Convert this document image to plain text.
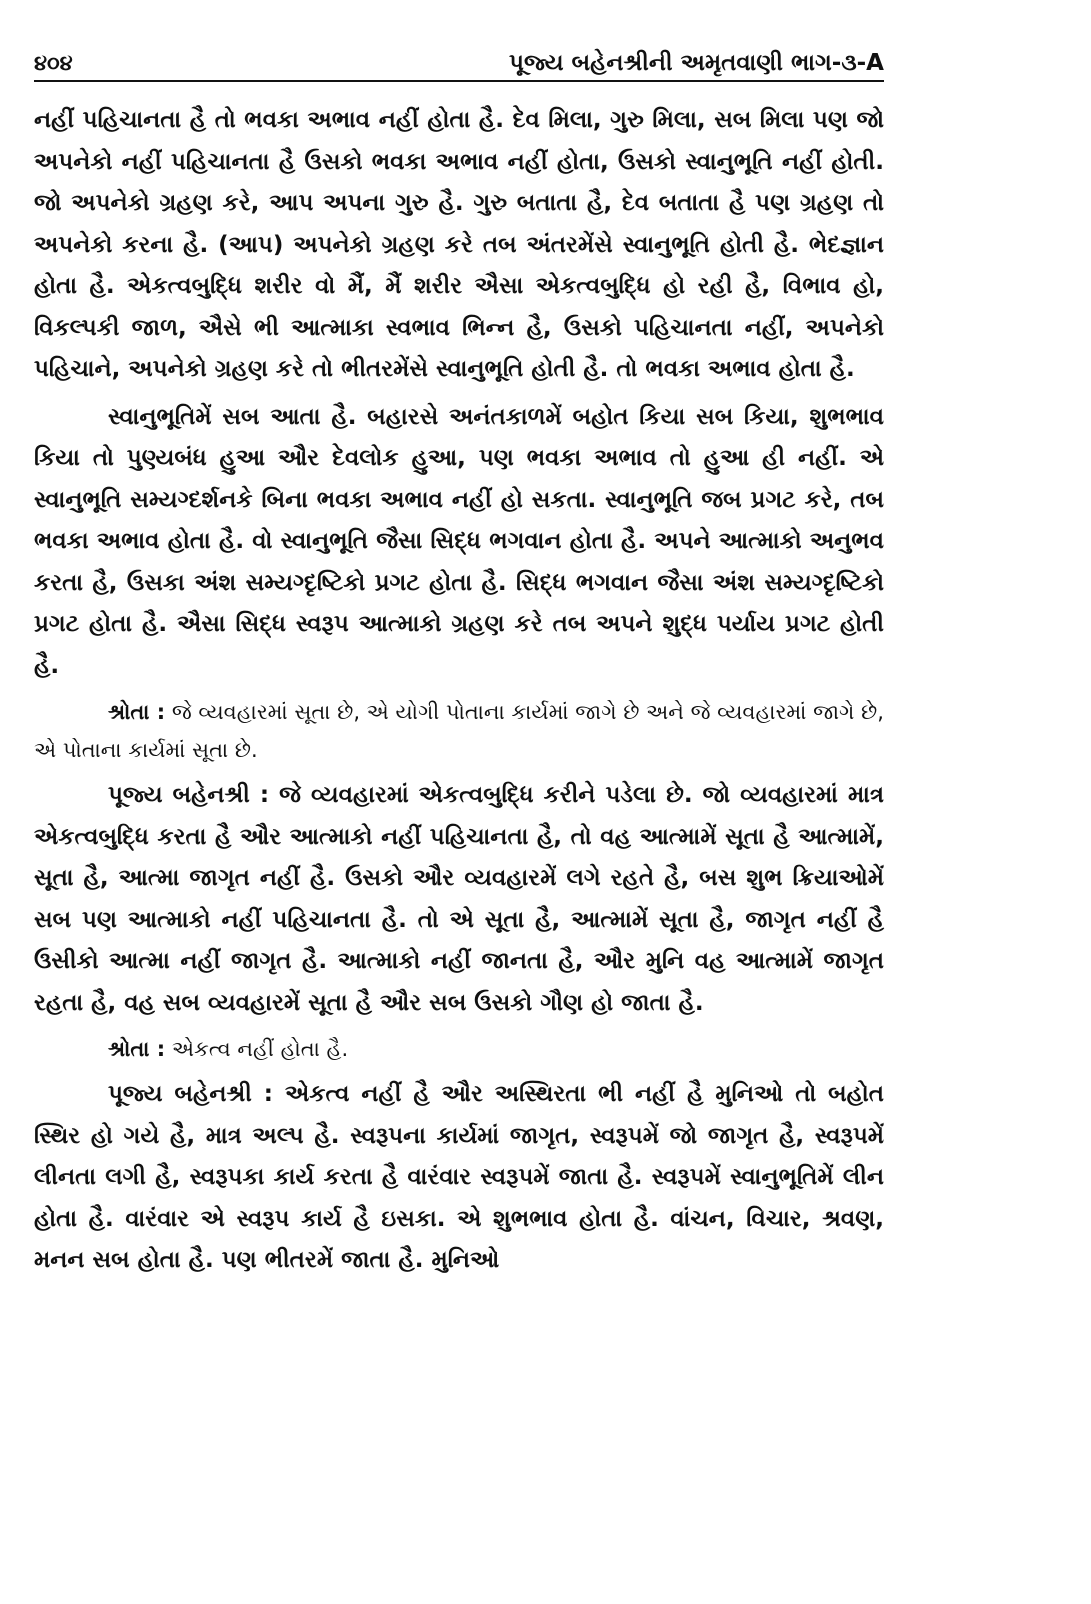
૪૦૪	પૂજ્ય બહેનશ્રીની અમૃતવાણી ભાગ-૩-A

નહીં પહિચાનતા હૈ તો ભવકા અભાવ નહીં હોતા હૈ. દેવ મિલા, ગુરુ મિલા, સબ મિલા પણ જો અપનેકો નહીં પહિચાનતા હૈ ઉસકો ભવકા અભાવ નહીં હોતા, ઉસકો સ્વાનુભૂતિ નહીં હોતી. જો અપનેકો ગ્રહણ કરે, આપ અપના ગુરુ હૈ. ગુરુ બતાતા હૈ, દેવ બતાતા હૈ પણ ગ્રહણ તો અપનેકો કરના હૈ. (આપ) અપનેકો ગ્રહણ કરે તબ અંતરમેંસે સ્વાનુભૂતિ હોતી હૈ. ભેદજ્ઞાન હોતા હૈ. એકત્વબુદ્ધિ શરીર વો મૈં, મૈં શરીર ઐસા એકત્વબુદ્ધિ હો રહી હૈ, વિભાવ હો, વિકલ્પકી જાળ, ઐસે ભી આત્માકા સ્વભાવ ભિન્ન હૈ, ઉસકો પહિચાનતા નહીં, અપનેકો પહિચાને, અપનેકો ગ્રહણ કરે તો ભીતરમેંસે સ્વાનુભૂતિ હોતી હૈ. તો ભવકા અભાવ હોતા હૈ.

સ્વાનુભૂતિમેં સબ આતા હૈ. બહારસે અનંતકાળમેં બહોત કિયા સબ કિયા, શુભભાવ કિયા તો પુણ્યબંધ હુઆ ઔર દેવલોક હુઆ, પણ ભવકા અભાવ તો હુઆ હી નહીં. એ સ્વાનુભૂતિ સમ્યગ્દર્શનકે બિના ભવકા અભાવ નહીં હો સકતા. સ્વાનુભૂતિ જબ પ્રગટ કરે, તબ ભવકા અભાવ હોતા હૈ. વો સ્વાનુભૂતિ જૈસા સિદ્ધ ભગવાન હોતા હૈ. અપને આત્માકો અનુભવ કરતા હૈ, ઉસકા અંશ સમ્યગ્દૃષ્ટિકો પ્રગટ હોતા હૈ. સિદ્ધ ભગવાન જૈસા અંશ સમ્યગ્દૃષ્ટિકો પ્રગટ હોતા હૈ. ઐસા સિદ્ધ સ્વરૂપ આત્માકો ગ્રહણ કરે તબ અપને શુદ્ધ પર્યાય પ્રગટ હોતી હૈ.

શ્રોતા : જે વ્યવહારમાં સૂતા છે, એ યોગી પોતાના કાર્યમાં જાગે છે અને જે વ્યવહારમાં જાગે છે, એ પોતાના કાર્યમાં સૂતા છે.

પૂજ્ય બહેનશ્રી : જે વ્યવહારમાં એકત્વબુદ્ધિ કરીને પડેલા છે. જો વ્યવહારમાં માત્ર એકત્વબુદ્ધિ કરતા હૈ ઔર આત્માકો નહીં પહિચાનતા હૈ, તો વહ આત્મામેં સૂતા હૈ આત્મામેં, સૂતા હૈ, આત્મા જાગૃત નહીં હૈ. ઉસકો ઔર વ્યવહારમેં લગે રહતે હૈ, બસ શુભ ક્રિયાઓમેં સબ પણ આત્માકો નહીં પહિચાનતા હૈ. તો એ સૂતા હૈ, આત્મામેં સૂતા હૈ, જાગૃત નહીં હૈ ઉસીકો આત્મા નહીં જાગૃત હૈ. આત્માકો નહીં જાનતા હૈ, ઔર મુનિ વહ આત્મામેં જાગૃત રહતા હૈ, વહ સબ વ્યવહારમેં સૂતા હૈ ઔર સબ ઉસકો ગૌણ હો જાતા હૈ.

શ્રોતા : એકત્વ નહીં હોતા હૈ.

પૂજ્ય બહેનશ્રી : એકત્વ નહીં હૈ ઔર અસ્થિરતા ભી નહીં હૈ મુનિઓ તો બહોત સ્થિર હો ગયે હૈ, માત્ર અલ્પ હૈ. સ્વરૂપના કાર્યમાં જાગૃત, સ્વરૂપમેં જો જાગૃત હૈ, સ્વરૂપમેં લીનતા લગી હૈ, સ્વરૂપકા કાર્ય કરતા હૈ વારંવાર સ્વરૂપમેં જાતા હૈ. સ્વરૂપમેં સ્વાનુભૂતિમેં લીન હોતા હૈ. વારંવાર એ સ્વરૂપ કાર્ય હૈ ઇસકા. એ શુભભાવ હોતા હૈ. વાંચન, વિચાર, શ્રવણ, મનન સબ હોતા હૈ. પણ ભીતરમેં જાતા હૈ. મુનિઓ
